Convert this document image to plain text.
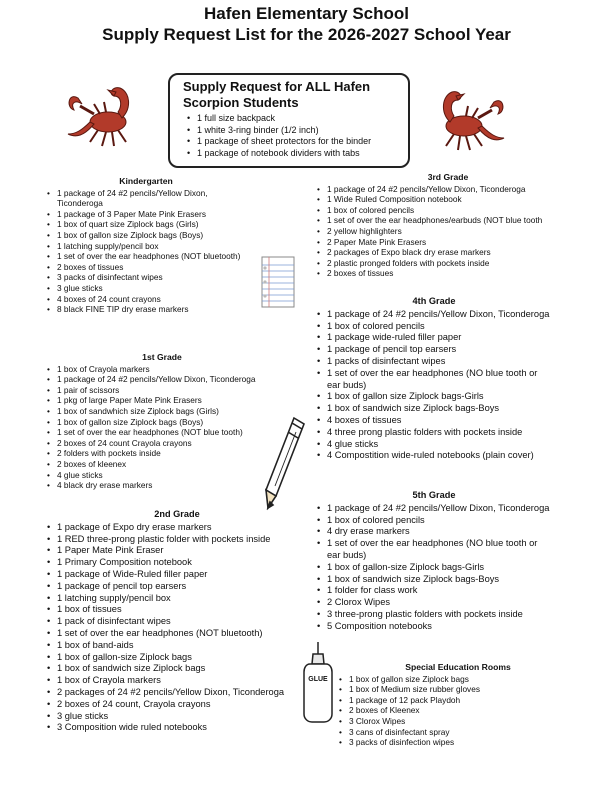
Hafen Elementary School
Supply Request List for the 2026-2027 School Year
Supply Request for ALL Hafen Scorpion Students
• 1 full size backpack
• 1 white 3-ring binder (1/2 inch)
• 1 package of sheet protectors for the binder
• 1 package of notebook dividers with tabs
Kindergarten
• 1 package of 24 #2 pencils/Yellow Dixon, Ticonderoga
• 1 package of 3 Paper Mate Pink Erasers
• 1 box of quart size Ziplock bags (Girls)
• 1 box of gallon size Ziplock bags (Boys)
• 1 latching supply/pencil box
• 1 set of over the ear headphones (NOT bluetooth)
• 2 boxes of tissues
• 3 packs of disinfectant wipes
• 3 glue sticks
• 4 boxes of 24 count crayons
• 8 black FINE TIP dry erase markers
1st Grade
• 1 box of Crayola markers
• 1 package of 24 #2 pencils/Yellow Dixon, Ticonderoga
• 1 pair of scissors
• 1 pkg of large Paper Mate Pink Erasers
• 1 box of sandwhich size Ziplock bags (Girls)
• 1 box of gallon size Ziplock bags (Boys)
• 1 set of over the ear headphones (NOT blue tooth)
• 2 boxes of 24 count Crayola crayons
• 2 folders with pockets inside
• 2 boxes of kleenex
• 4 glue sticks
• 4 black dry erase markers
2nd Grade
• 1 package of Expo dry erase markers
• 1 RED three-prong plastic folder with pockets inside
• 1 Paper Mate Pink Eraser
• 1 Primary Composition notebook
• 1 package of Wide-Ruled filler paper
• 1 package of pencil top earsers
• 1 latching supply/pencil box
• 1 box of tissues
• 1 pack of disinfectant wipes
• 1 set of over the ear headphones (NOT bluetooth)
• 1 box of band-aids
• 1 box of gallon-size Ziplock bags
• 1 box of sandwich size Ziplock bags
• 1 box of Crayola markers
• 2 packages of 24 #2 pencils/Yellow Dixon, Ticonderoga
• 2 boxes of 24 count, Crayola crayons
• 3 glue sticks
• 3 Composition wide ruled notebooks
3rd Grade
• 1 package of 24 #2 pencils/Yellow Dixon, Ticonderoga
• 1 Wide Ruled Composition notebook
• 1 box of colored pencils
• 1 set of over the ear headphones/earbuds (NOT blue tooth
• 2 yellow highlighters
• 2 Paper Mate Pink Erasers
• 2 packages of Expo black dry erase markers
• 2 plastic pronged folders with pockets inside
• 2 boxes of tissues
4th Grade
• 1 package of 24 #2 pencils/Yellow Dixon, Ticonderoga
• 1 box of colored pencils
• 1 package wide-ruled filler paper
• 1 package of pencil top earsers
• 1 packs of disinfectant wipes
• 1 set of over the ear headphones (NO blue tooth or ear buds)
• 1 box of gallon size Ziplock bags-Girls
• 1 box of sandwich size Ziplock bags-Boys
• 4 boxes of tissues
• 4 three prong plastic folders with pockets inside
• 4 glue sticks
• 4 Compostition wide-ruled notebooks (plain cover)
5th Grade
• 1 package of 24 #2 pencils/Yellow Dixon, Ticonderoga
• 1 box of colored pencils
• 4 dry erase markers
• 1 set of over the ear headphones (NO blue tooth or ear buds)
• 1 box of gallon-size Ziplock bags-Girls
• 1 box of sandwich size Ziplock bags-Boys
• 1 folder for class work
• 2 Clorox Wipes
• 3 three-prong plastic folders with pockets inside
• 5 Composition notebooks
Special Education Rooms
• 1 box of gallon size Ziplock bags
• 1 box of Medium size rubber gloves
• 1 package of 12 pack Playdoh
• 2 boxes of Kleenex
• 3 Clorox Wipes
• 3 cans of disinfectant spray
• 3 packs of disinfection wipes
GLUE
